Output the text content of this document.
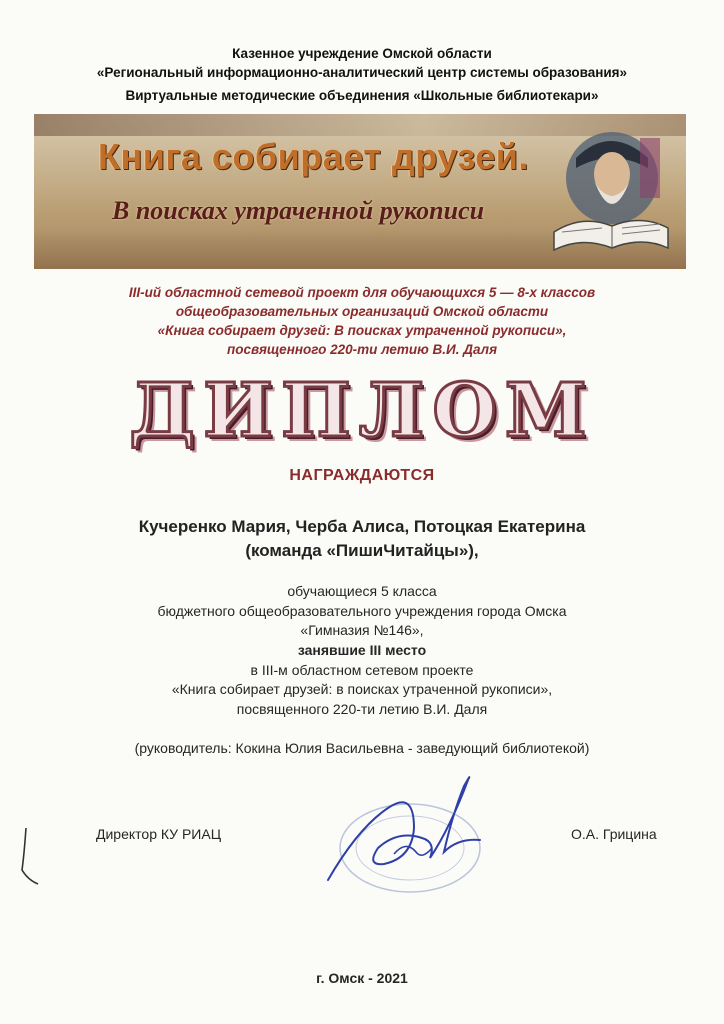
Казенное учреждение Омской области
«Региональный информационно-аналитический центр системы образования»
Виртуальные методические объединения «Школьные библиотекари»
Книга собирает друзей.
В поисках утраченной рукописи
III-ий областной сетевой проект для обучающихся 5 — 8-х классов
общеобразовательных организаций Омской области
«Книга собирает друзей: В поисках утраченной рукописи»,
посвященного 220-ти летию В.И. Даля
ДИПЛОМ
НАГРАЖДАЮТСЯ
Кучеренко Мария, Черба Алиса, Потоцкая Екатерина
(команда «ПишиЧитайцы»),
обучающиеся 5 класса
бюджетного общеобразовательного учреждения города Омска
«Гимназия №146»,
занявшие III место
в III-м областном сетевом проекте
«Книга собирает друзей: в поисках утраченной рукописи»,
посвященного 220-ти летию В.И. Даля
(руководитель: Кокина Юлия Васильевна - заведующий библиотекой)
Директор КУ РИАЦ	О.А. Грицина
г. Омск - 2021
